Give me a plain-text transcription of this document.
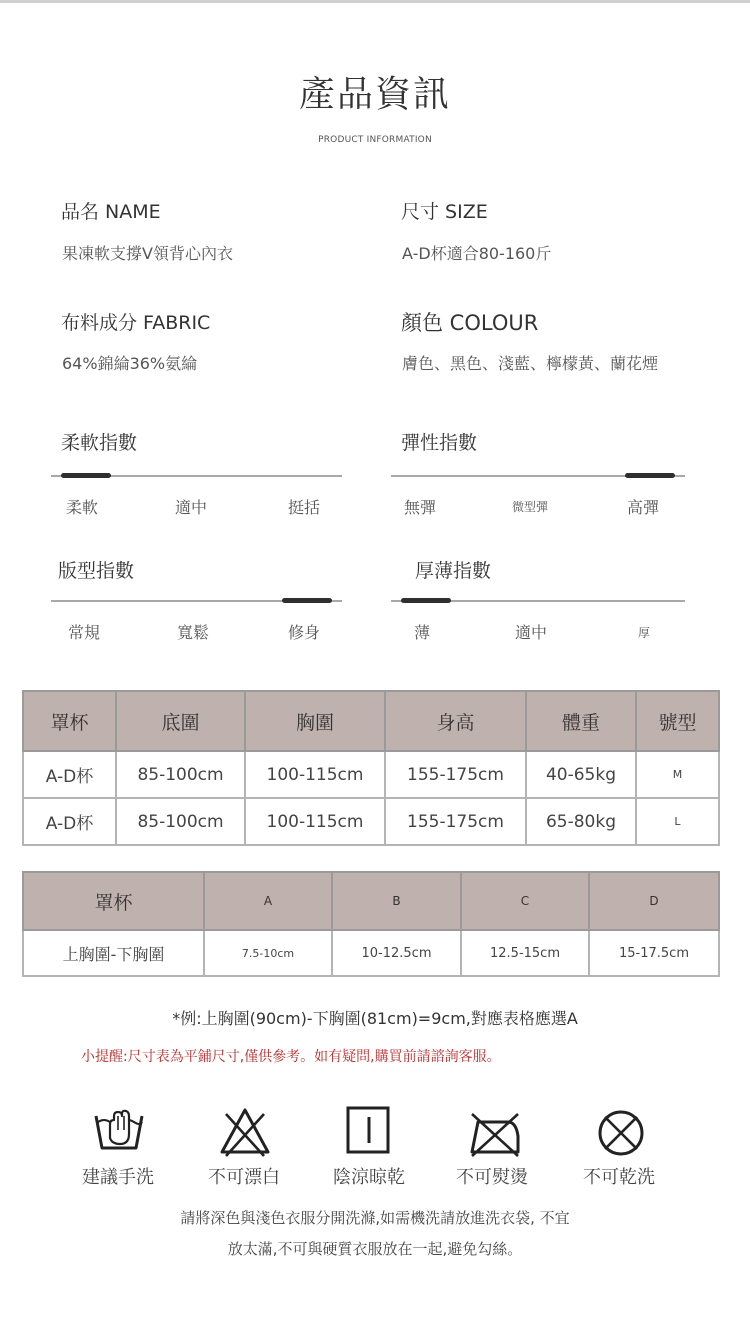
產品資訊
PRODUCT INFORMATION
品名 NAME
果凍軟支撐V領背心內衣
尺寸 SIZE
A-D杯適合80-160斤
布料成分 FABRIC
64%錦綸36%氨綸
顏色 COLOUR
膚色、黑色、淺藍、檸檬黃、蘭花煙
柔軟指數
柔軟	適中	挺括
彈性指數
無彈	微型彈	高彈
版型指數
常規	寬鬆	修身
厚薄指數
薄	適中	厚
罩杯	底圍	胸圍	身高	體重	號型
A-D杯	85-100cm	100-115cm	155-175cm	40-65kg	M
A-D杯	85-100cm	100-115cm	155-175cm	65-80kg	L
罩杯	A	B	C	D
上胸圍-下胸圍	7.5-10cm	10-12.5cm	12.5-15cm	15-17.5cm
*例:上胸圍(90cm)-下胸圍(81cm)=9cm,對應表格應選A
小提醒:尺寸表為平鋪尺寸,僅供參考。如有疑問,購買前請諮詢客服。
建議手洗	不可漂白	陰涼晾乾	不可熨燙	不可乾洗
請將深色與淺色衣服分開洗滌,如需機洗請放進洗衣袋, 不宜
放太滿,不可與硬質衣服放在一起,避免勾絲。
